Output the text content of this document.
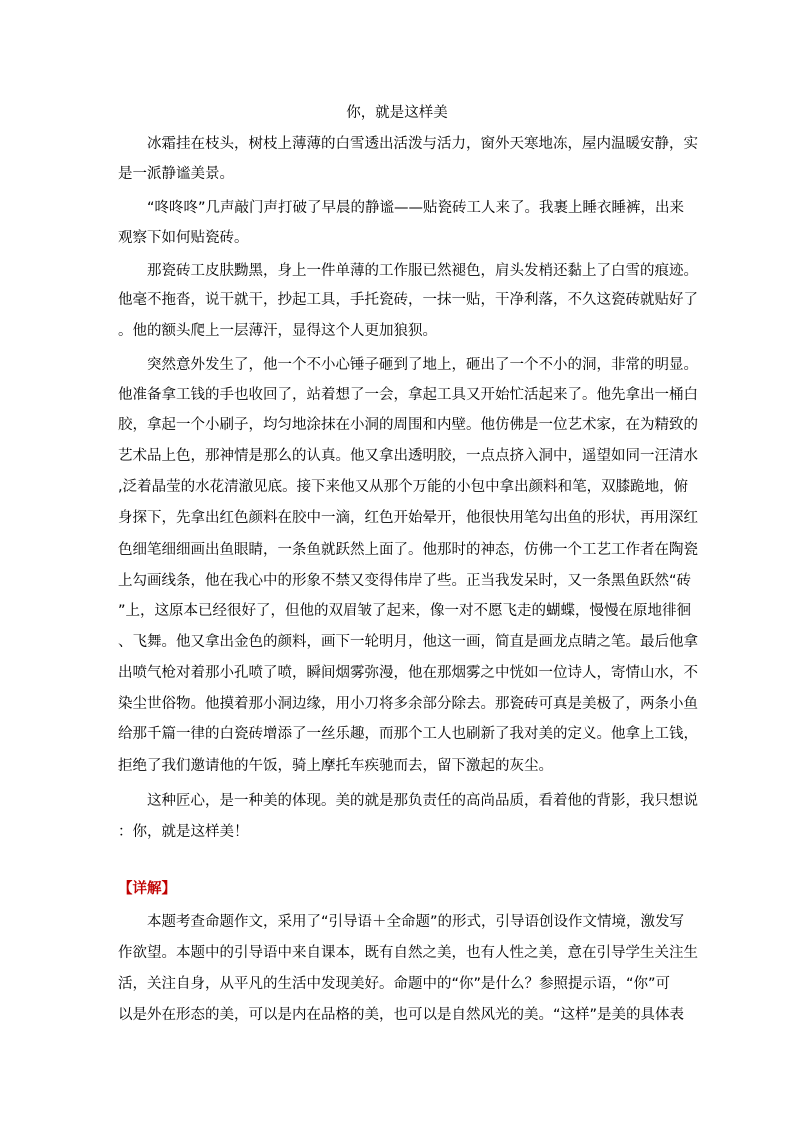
你，就是这样美
冰霜挂在枝头，树枝上薄薄的白雪透出活泼与活力，窗外天寒地冻，屋内温暖安静，实
是一派静谧美景。
“咚咚咚”几声敲门声打破了早晨的静谧——贴瓷砖工人来了。我裹上睡衣睡裤，出来
观察下如何贴瓷砖。
那瓷砖工皮肤黝黑，身上一件单薄的工作服已然褪色，肩头发梢还黏上了白雪的痕迹。
他毫不拖沓，说干就干，抄起工具，手托瓷砖，一抹一贴，干净利落，不久这瓷砖就贴好了
。他的额头爬上一层薄汗，显得这个人更加狼狈。
突然意外发生了，他一个不小心锤子砸到了地上，砸出了一个不小的洞，非常的明显。
他准备拿工钱的手也收回了，站着想了一会，拿起工具又开始忙活起来了。他先拿出一桶白
胶，拿起一个小刷子，均匀地涂抹在小洞的周围和内壁。他仿佛是一位艺术家，在为精致的
艺术品上色，那神情是那么的认真。他又拿出透明胶，一点点挤入洞中，遥望如同一汪清水
,泛着晶莹的水花清澈见底。接下来他又从那个万能的小包中拿出颜料和笔，双膝跪地，俯
身探下，先拿出红色颜料在胶中一滴，红色开始晕开，他很快用笔勾出鱼的形状，再用深红
色细笔细细画出鱼眼睛，一条鱼就跃然上面了。他那时的神态，仿佛一个工艺工作者在陶瓷
上勾画线条，他在我心中的形象不禁又变得伟岸了些。正当我发呆时，又一条黑鱼跃然“砖
”上，这原本已经很好了，但他的双眉皱了起来，像一对不愿飞走的蝴蝶，慢慢在原地徘徊
、飞舞。他又拿出金色的颜料，画下一轮明月，他这一画，简直是画龙点睛之笔。最后他拿
出喷气枪对着那小孔喷了喷，瞬间烟雾弥漫，他在那烟雾之中恍如一位诗人，寄情山水，不
染尘世俗物。他摸着那小洞边缘，用小刀将多余部分除去。那瓷砖可真是美极了，两条小鱼
给那千篇一律的白瓷砖增添了一丝乐趣，而那个工人也刷新了我对美的定义。他拿上工钱，
拒绝了我们邀请他的午饭，骑上摩托车疾驰而去，留下激起的灰尘。
这种匠心，是一种美的体现。美的就是那负责任的高尚品质，看着他的背影，我只想说
：你，就是这样美！
【详解】
本题考查命题作文，采用了“引导语＋全命题”的形式，引导语创设作文情境，激发写
作欲望。本题中的引导语中来自课本，既有自然之美，也有人性之美，意在引导学生关注生
活，关注自身，从平凡的生活中发现美好。命题中的“你”是什么？参照提示语，“你”可
以是外在形态的美，可以是内在品格的美，也可以是自然风光的美。“这样”是美的具体表
